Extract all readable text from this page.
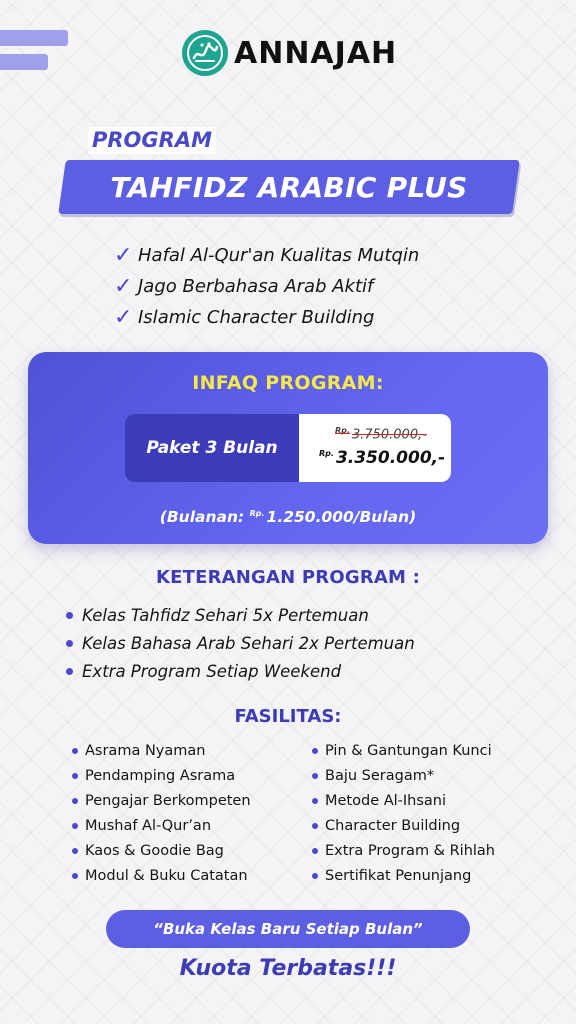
ANNAJAH
PROGRAM
TAHFIDZ ARABIC PLUS
✓ Hafal Al-Qur'an Kualitas Mutqin
✓ Jago Berbahasa Arab Aktif
✓ Islamic Character Building
INFAQ PROGRAM:
Paket 3 Bulan
$^{Rp.}$ 3.750.000,-
$^{Rp.}$ 3.350.000,-
(Bulanan: $^{Rp.}$ 1.250.000/Bulan)
KETERANGAN PROGRAM :
Kelas Tahfidz Sehari 5x Pertemuan
Kelas Bahasa Arab Sehari 2x Pertemuan
Extra Program Setiap Weekend
FASILITAS:
Asrama Nyaman
Pendamping Asrama
Pengajar Berkompeten
Mushaf Al-Qur’an
Kaos & Goodie Bag
Modul & Buku Catatan
Pin & Gantungan Kunci
Baju Seragam*
Metode Al-Ihsani
Character Building
Extra Program & Rihlah
Sertifikat Penunjang
“Buka Kelas Baru Setiap Bulan”
Kuota Terbatas!!!
